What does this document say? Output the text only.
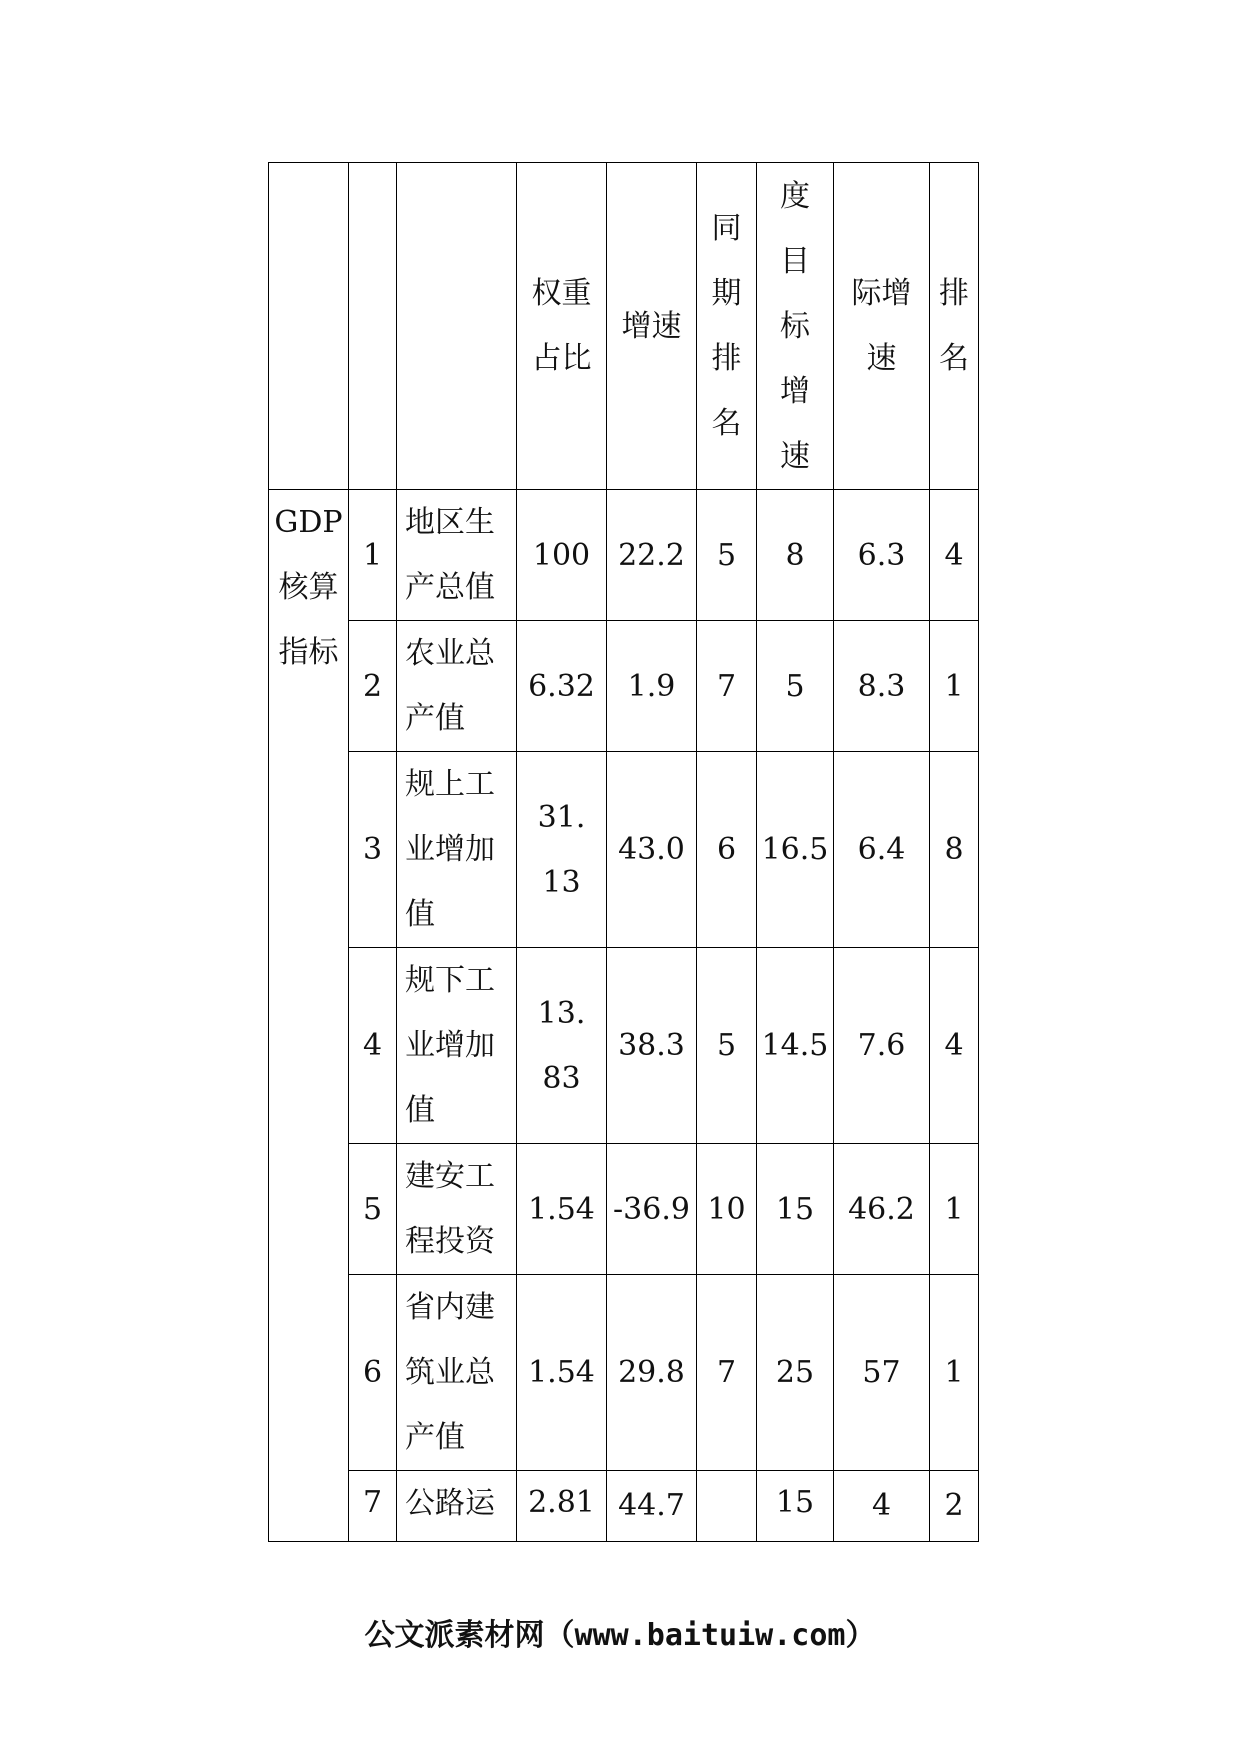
			权重占比	增速	同期排名	度目标增速	际增速	排名
GDP核算指标	1	地区生产总值	100	22.2	5	8	6.3	4
	2	农业总产值	6.32	1.9	7	5	8.3	1
	3	规上工业增加值	31.13	43.0	6	16.5	6.4	8
	4	规下工业增加值	13.83	38.3	5	14.5	7.6	4
	5	建安工程投资	1.54	-36.9	10	15	46.2	1
	6	省内建筑业总产值	1.54	29.8	7	25	57	1
	7	公路运	2.81	44.7		15	4	2
公文派素材网（www.baituiw.com）
